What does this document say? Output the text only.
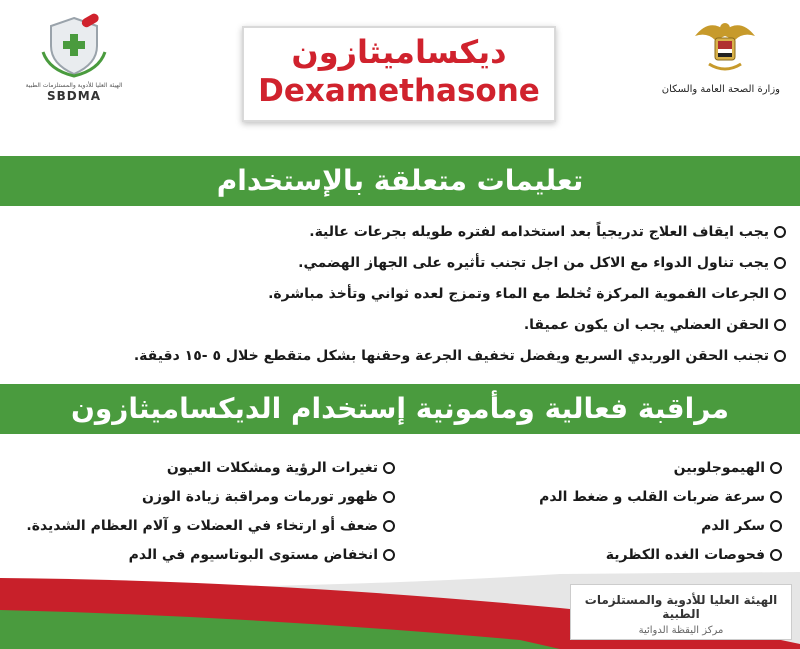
وزارة الصحة العامة والسكان
الهيئة العليا للأدوية والمستلزمات الطبية
SBDMA
ديكساميثازون
Dexamethasone
تعليمات متعلقة بالإستخدام
يجب ايقاف العلاج تدريجياً بعد استخدامه لفتره طويله بجرعات عالية.
يجب تناول الدواء مع الاكل من اجل تجنب تأثيره على الجهاز الهضمي.
الجرعات الفموية المركزة تُخلط مع الماء وتمزج لعده ثواني وتأخذ مباشرة.
الحقن العضلي يجب ان يكون عميقا.
تجنب الحقن الوريدي السريع ويفضل تخفيف الجرعة وحقنها بشكل متقطع خلال ٥ -١٥ دقيقة.
مراقبة فعالية ومأمونية إستخدام الديكساميثازون
الهيموجلوبين
سرعة ضربات القلب و ضغط الدم
سكر الدم
فحوصات الغده الكظرية
تغيرات الرؤية ومشكلات العيون
ظهور تورمات ومراقبة زيادة الوزن
ضعف أو ارتخاء في العضلات و آلام العظام الشديدة.
انخفاض مستوى البوتاسيوم في الدم
الهيئة العليا للأدوية والمستلزمات الطبية
مركز اليقظة الدوائية
